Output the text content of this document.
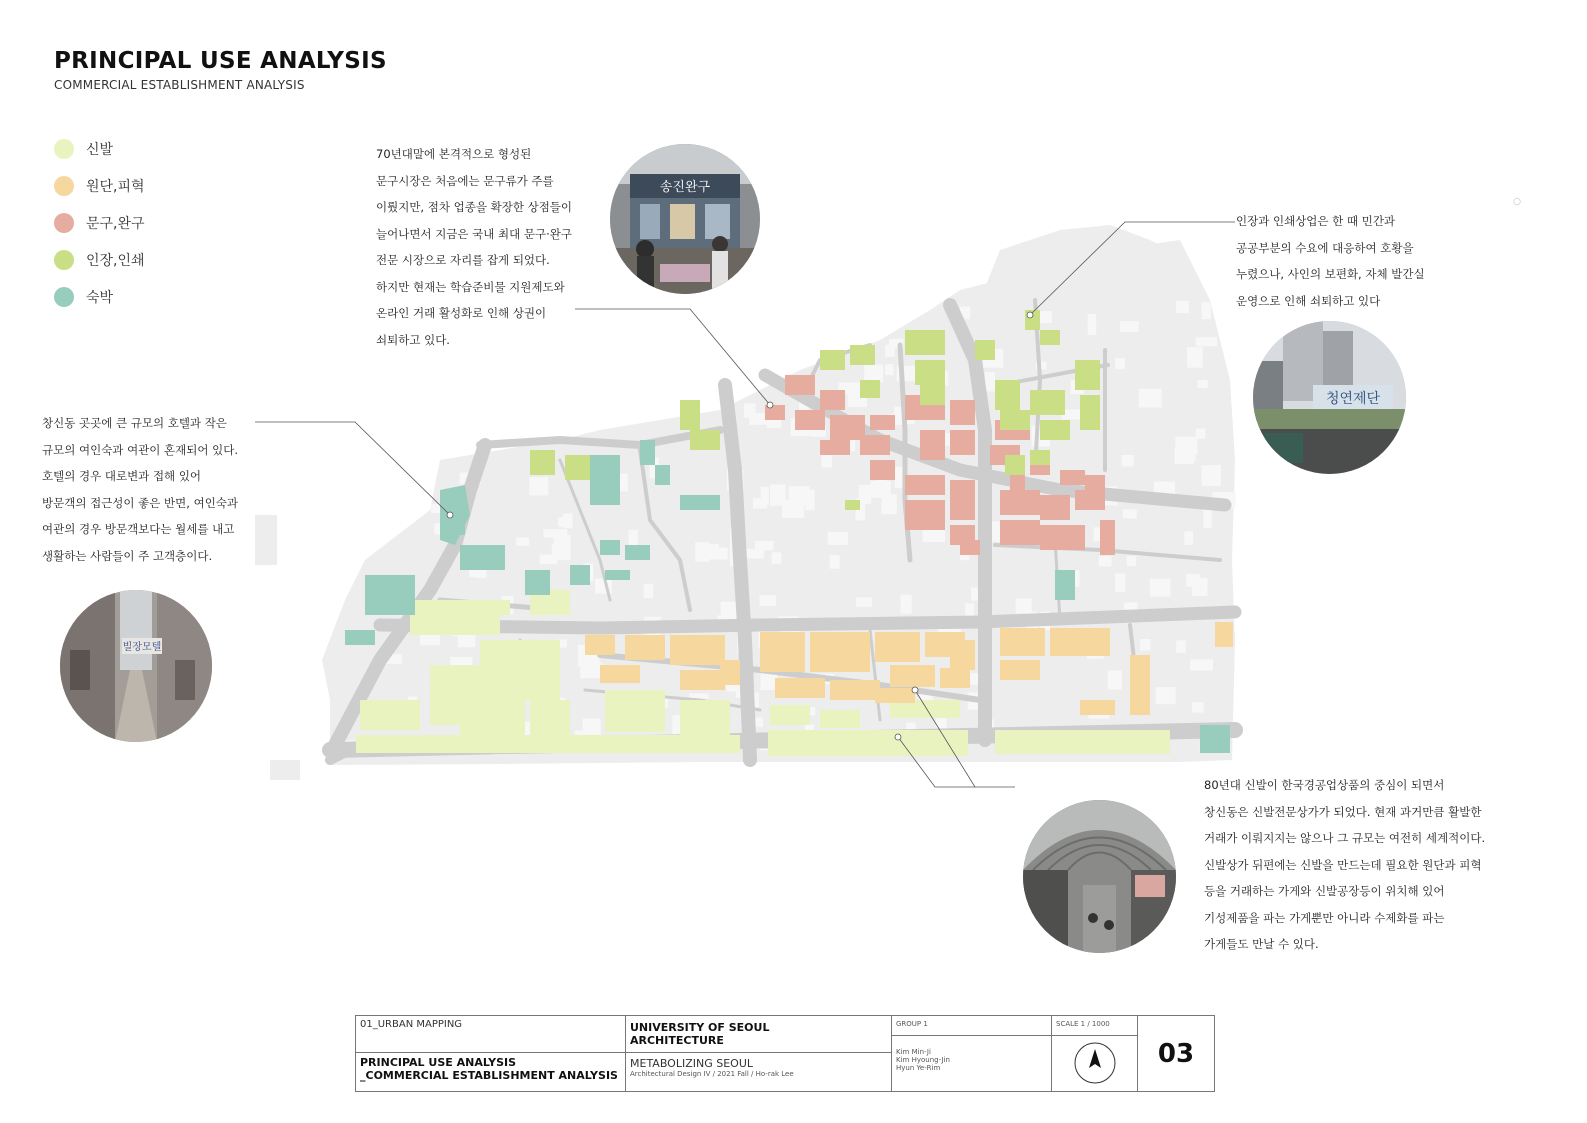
PRINCIPAL USE ANALYSIS
COMMERCIAL ESTABLISHMENT ANALYSIS
신발
원단,피혁
문구,완구
인장,인쇄
숙박
70년대말에 본격적으로 형성된
문구시장은 처음에는 문구류가 주를
이뤘지만, 점차 업종을 확장한 상점들이
늘어나면서 지금은 국내 최대 문구·완구
전문 시장으로 자리를 잡게 되었다.
하지만 현재는 학습준비물 지원제도와
온라인 거래 활성화로 인해 상권이
쇠퇴하고 있다.
인장과 인쇄상업은 한 때 민간과
공공부분의 수요에 대응하여 호황을
누렸으나, 사인의 보편화, 자체 발간실
운영으로 인해 쇠퇴하고 있다
창신동 곳곳에 큰 규모의 호텔과 작은
규모의 여인숙과 여관이 혼재되어 있다.
호텔의 경우 대로변과 접해 있어
방문객의 접근성이 좋은 반면, 여인숙과
여관의 경우 방문객보다는 월세를 내고
생활하는 사람들이 주 고객층이다.
80년대 신발이 한국경공업상품의 중심이 되면서
창신동은 신발전문상가가 되었다. 현재 과거만큼 활발한
거래가 이뤄지지는 않으나 그 규모는 여전히 세계적이다.
신발상가 뒤편에는 신발을 만드는데 필요한 원단과 피혁
등을 거래하는 가게와 신발공장등이 위치해 있어
기성제품을 파는 가게뿐만 아니라 수제화를 파는
가게들도 만날 수 있다.
송진완구
청연제단
빌장모텔
○
01_URBAN MAPPING
PRINCIPAL USE ANALYSIS
_COMMERCIAL ESTABLISHMENT ANALYSIS
UNIVERSITY OF SEOUL
ARCHITECTURE
METABOLIZING SEOUL
Architectural Design IV / 2021 Fall / Ho-rak Lee
GROUP 1
Kim Min-Ji
Kim Hyoung-Jin
Hyun Ye-Rim
SCALE 1 / 1000
03
